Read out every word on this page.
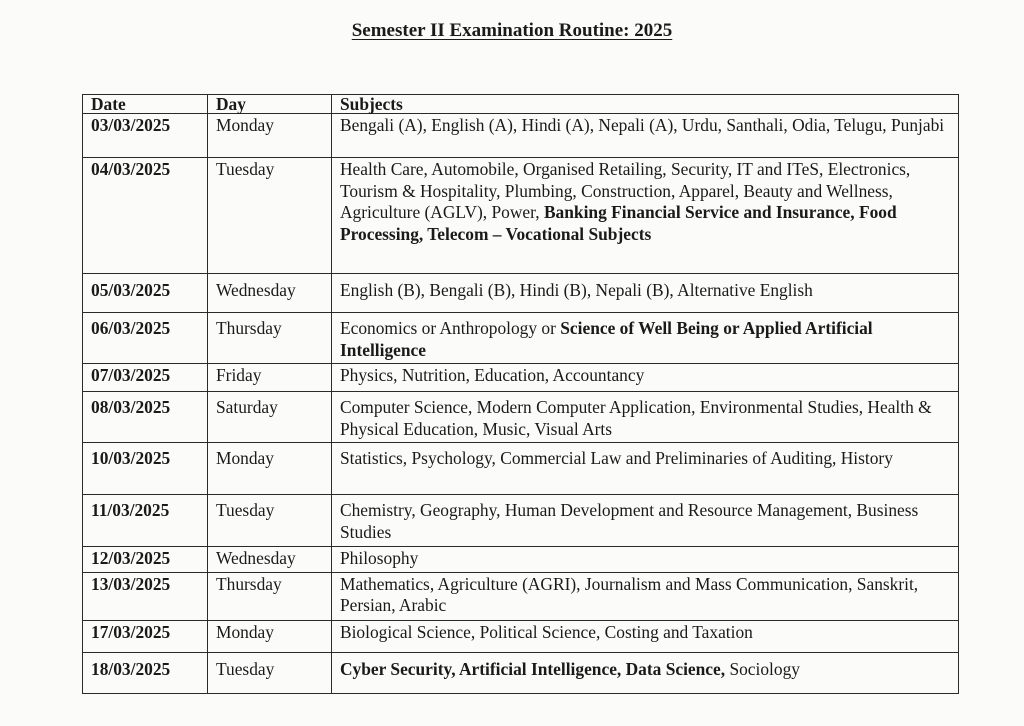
Semester II Examination Routine: 2025
Date	Day	Subjects
03/03/2025	Monday	Bengali (A), English (A), Hindi (A), Nepali (A), Urdu, Santhali, Odia, Telugu, Punjabi
04/03/2025	Tuesday	Health Care, Automobile, Organised Retailing, Security, IT and ITeS, Electronics, Tourism & Hospitality, Plumbing, Construction, Apparel, Beauty and Wellness, Agriculture (AGLV), Power, Banking Financial Service and Insurance, Food Processing, Telecom – Vocational Subjects
05/03/2025	Wednesday	English (B), Bengali (B), Hindi (B), Nepali (B), Alternative English
06/03/2025	Thursday	Economics or Anthropology or Science of Well Being or Applied Artificial Intelligence
07/03/2025	Friday	Physics, Nutrition, Education, Accountancy
08/03/2025	Saturday	Computer Science, Modern Computer Application, Environmental Studies, Health & Physical Education, Music, Visual Arts
10/03/2025	Monday	Statistics, Psychology, Commercial Law and Preliminaries of Auditing, History
11/03/2025	Tuesday	Chemistry, Geography, Human Development and Resource Management, Business Studies
12/03/2025	Wednesday	Philosophy
13/03/2025	Thursday	Mathematics, Agriculture (AGRI), Journalism and Mass Communication, Sanskrit, Persian, Arabic
17/03/2025	Monday	Biological Science, Political Science, Costing and Taxation
18/03/2025	Tuesday	Cyber Security, Artificial Intelligence, Data Science, Sociology
